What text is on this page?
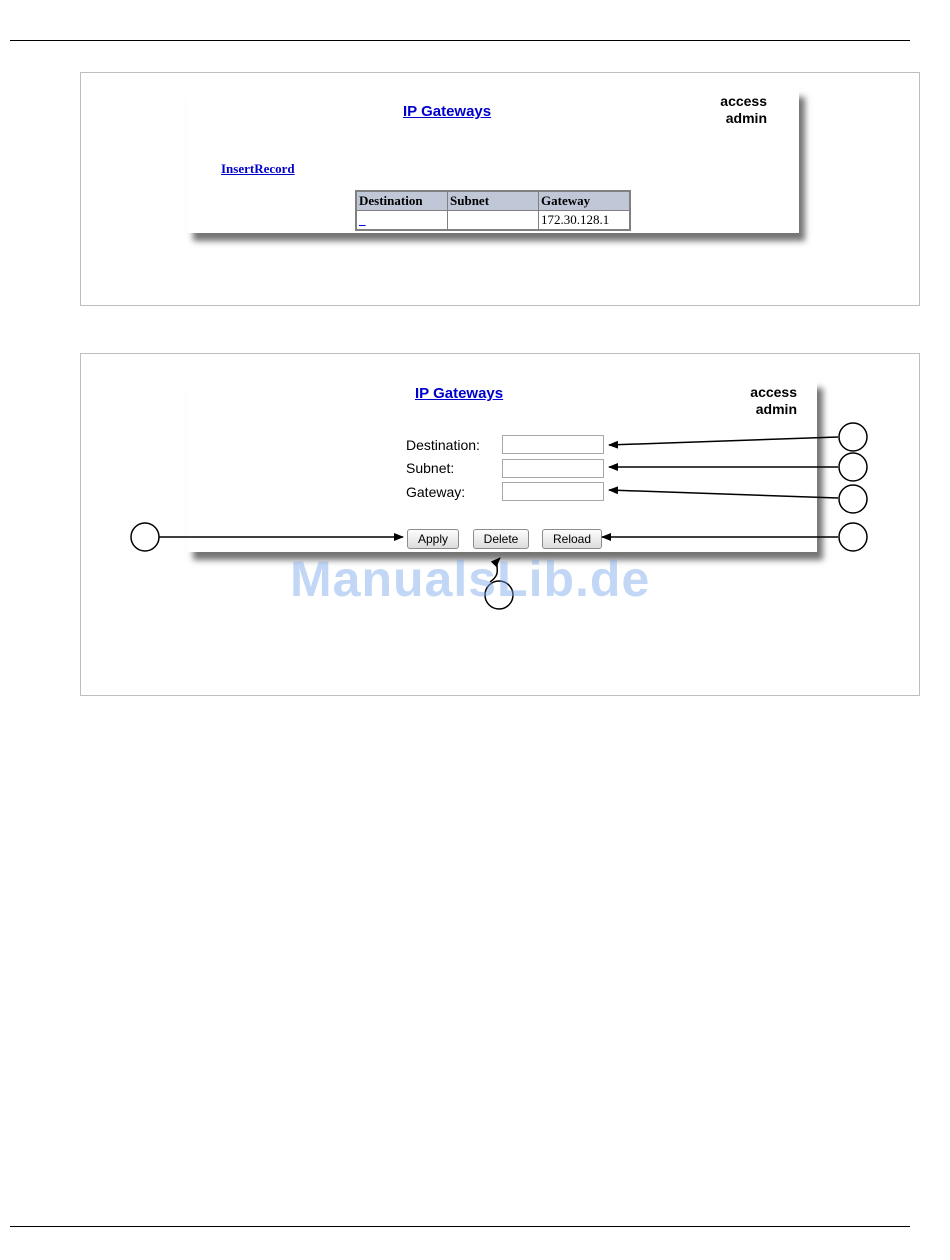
IP Gateways
access
admin
InsertRecord
Destination	Subnet	Gateway
_		172.30.128.1
IP Gateways	access
admin
Destination:
Subnet:
Gateway:
Apply	Delete	Reload
ManualsLib.de
